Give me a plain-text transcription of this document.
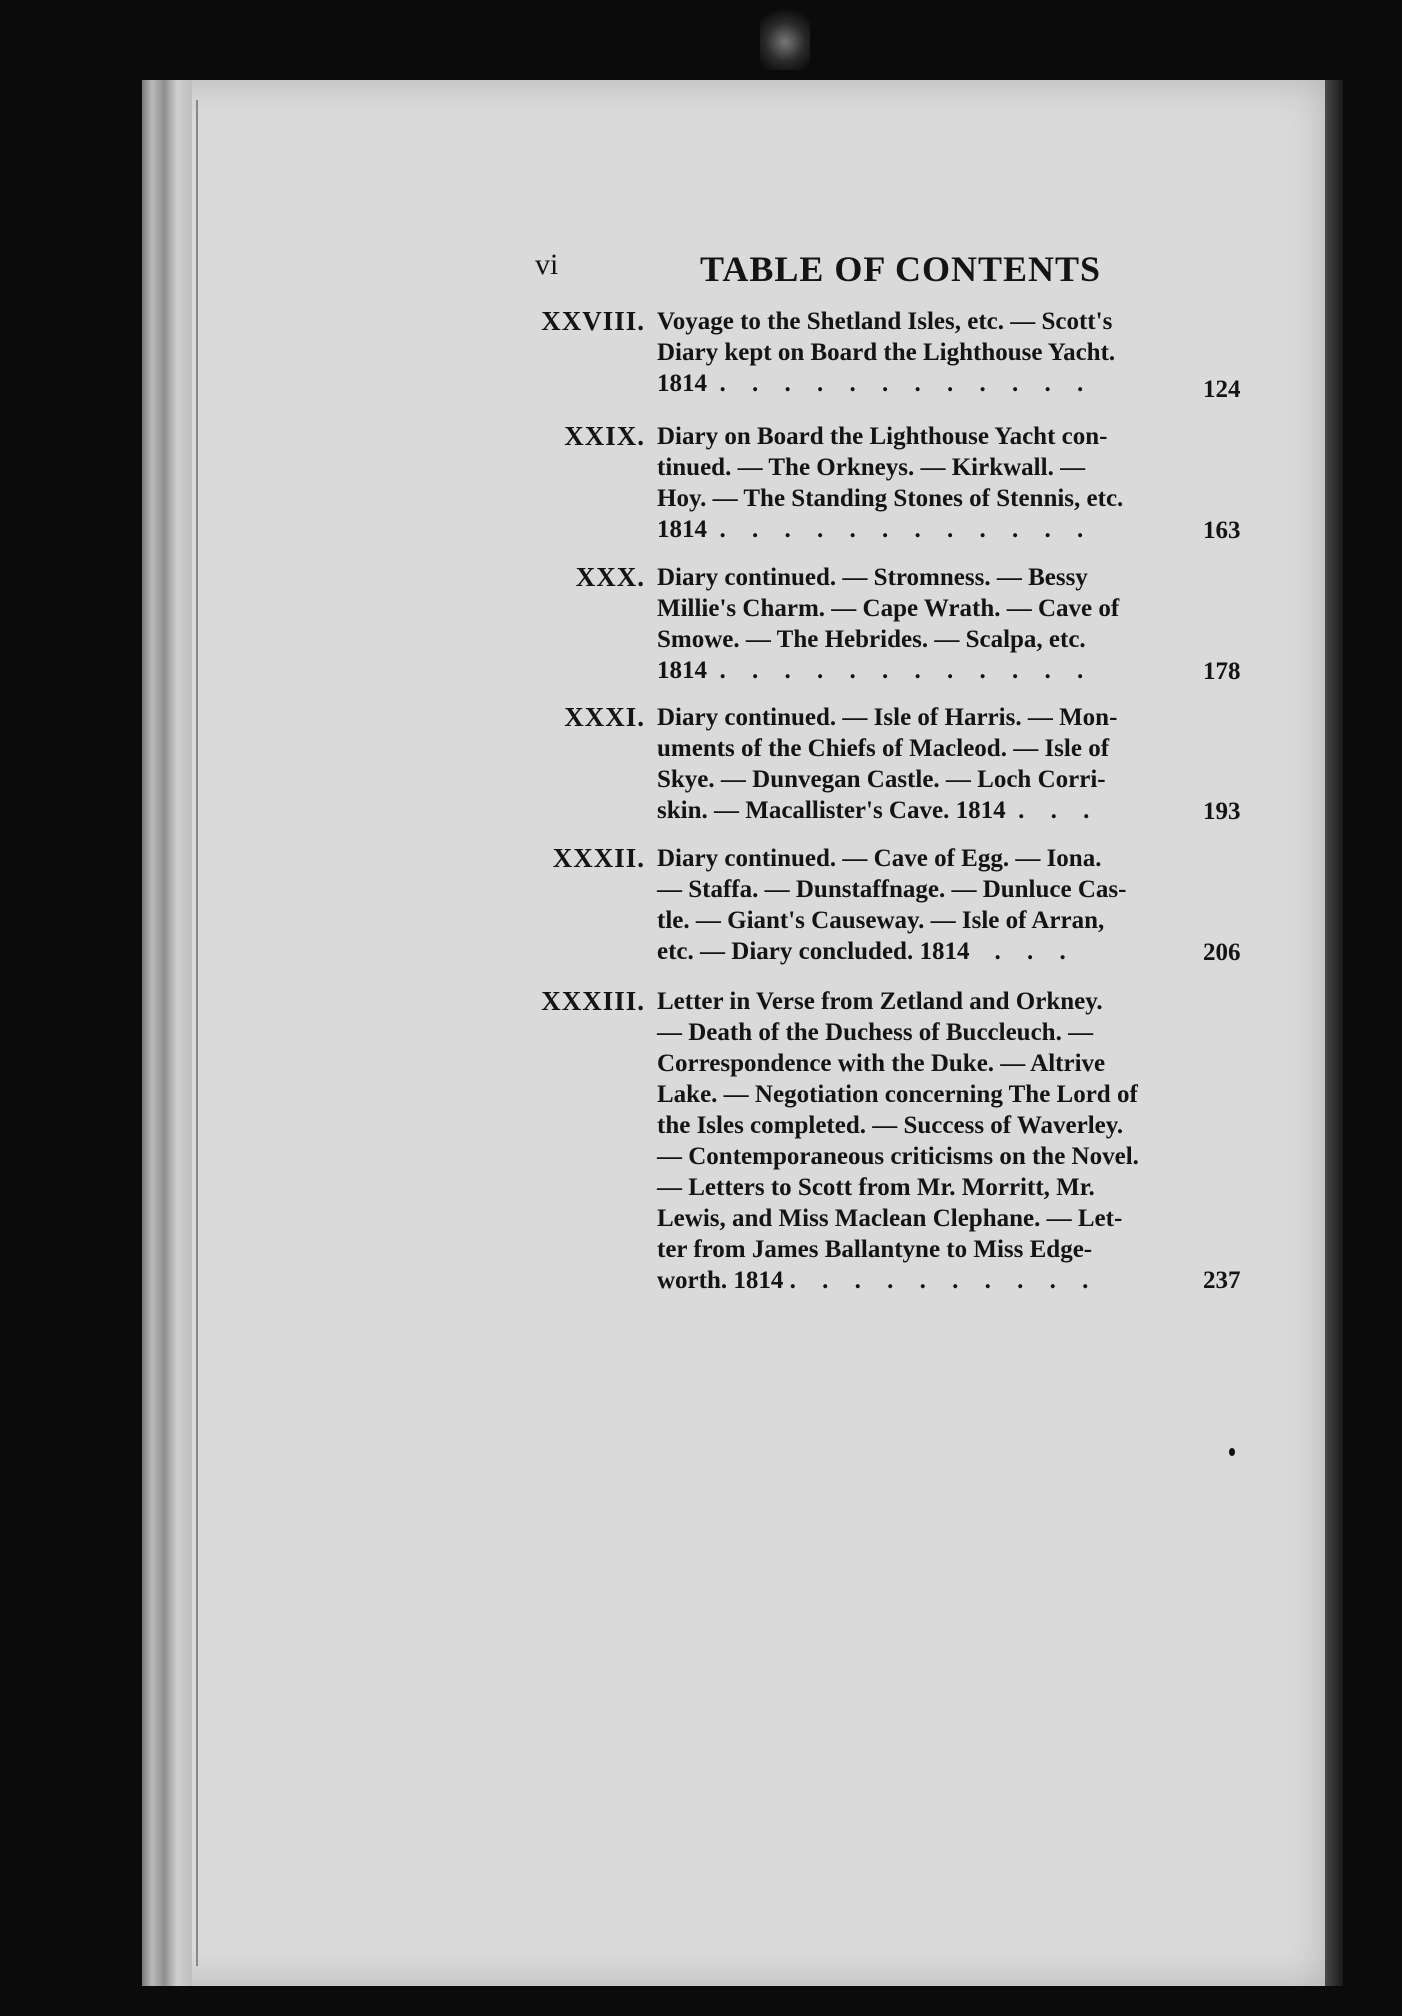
vi	TABLE OF CONTENTS
XXVIII. Voyage to the Shetland Isles, etc. — Scott's
Diary kept on Board the Lighthouse Yacht.
1814 . . . . . . . . . . . .	124
XXIX. Diary on Board the Lighthouse Yacht con-
tinued. — The Orkneys. — Kirkwall. —
Hoy. — The Standing Stones of Stennis, etc.
1814 . . . . . . . . . . . .	163
XXX. Diary continued. — Stromness. — Bessy
Millie's Charm. — Cape Wrath. — Cave of
Smowe. — The Hebrides. — Scalpa, etc.
1814 . . . . . . . . . . . .	178
XXXI. Diary continued. — Isle of Harris. — Mon-
uments of the Chiefs of Macleod. — Isle of
Skye. — Dunvegan Castle. — Loch Corri-
skin. — Macallister's Cave. 1814 . . .	193
XXXII. Diary continued. — Cave of Egg. — Iona.
— Staffa. — Dunstaffnage. — Dunluce Cas-
tle. — Giant's Causeway. — Isle of Arran,
etc. — Diary concluded. 1814 . . .	206
XXXIII. Letter in Verse from Zetland and Orkney.
— Death of the Duchess of Buccleuch. —
Correspondence with the Duke. — Altrive
Lake. — Negotiation concerning The Lord of
the Isles completed. — Success of Waverley.
— Contemporaneous criticisms on the Novel.
— Letters to Scott from Mr. Morritt, Mr.
Lewis, and Miss Maclean Clephane. — Let-
ter from James Ballantyne to Miss Edge-
worth. 1814 . . . . . . . . . .	237
